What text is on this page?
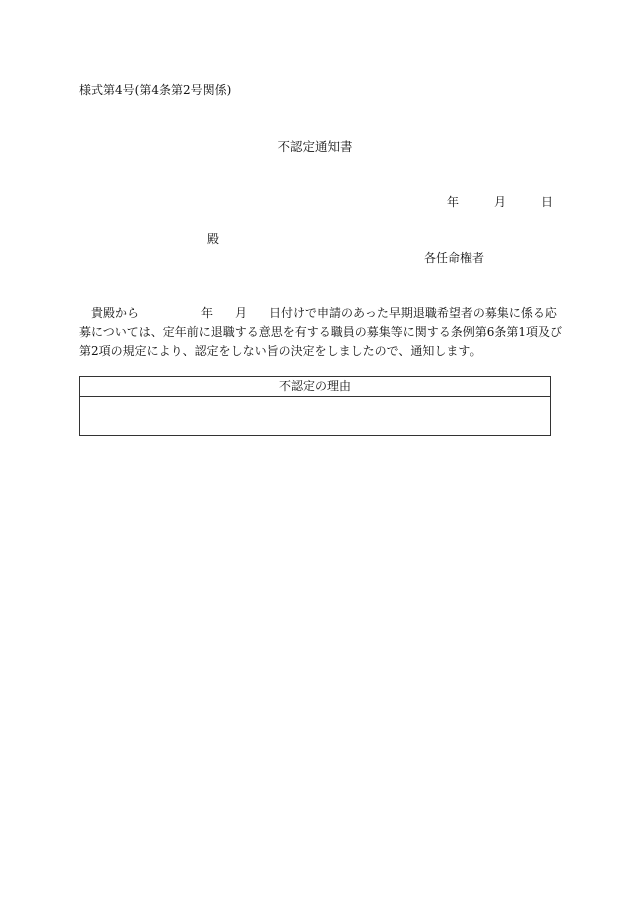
様式第4号(第4条第2号関係)
不認定通知書
年	月	日
殿
各任命権者
貴殿から	年 月 日付けで申請のあった早期退職希望者の募集に係る応
募については、定年前に退職する意思を有する職員の募集等に関する条例第6条第1項及び
第2項の規定により、認定をしない旨の決定をしましたので、通知します。
不認定の理由
